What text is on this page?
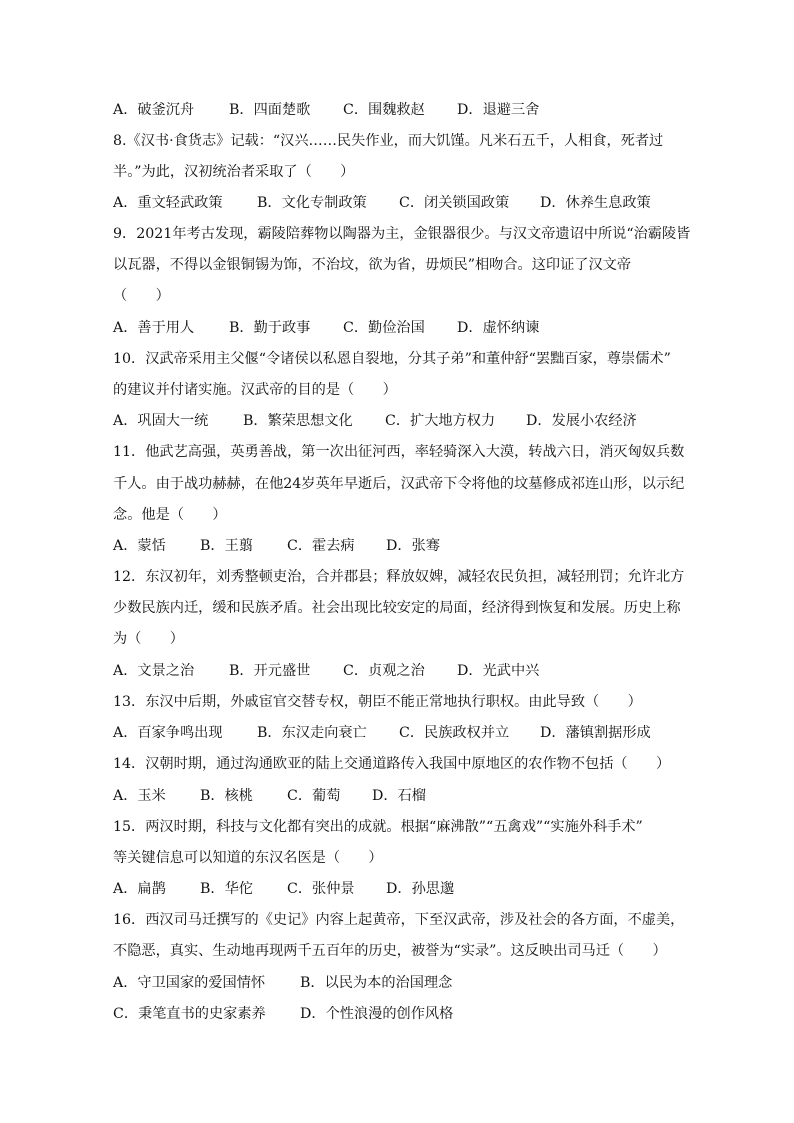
A．破釜沉舟 B．四面楚歌 C．围魏救赵 D．退避三舍
8.《汉书·食货志》记载：“汉兴……民失作业，而大饥馑。凡米石五千，人相食，死者过
半。”为此，汉初统治者采取了（　　）
A．重文轻武政策 B．文化专制政策 C．闭关锁国政策 D．休养生息政策
9．2021年考古发现，霸陵陪葬物以陶器为主，金银器很少。与汉文帝遗诏中所说“治霸陵皆
以瓦器，不得以金银铜锡为饰，不治坟，欲为省，毋烦民”相吻合。这印证了汉文帝
（　　）
A．善于用人 B．勤于政事 C．勤俭治国 D．虚怀纳谏
10．汉武帝采用主父偃“令诸侯以私恩自裂地，分其子弟”和董仲舒“罢黜百家，尊崇儒术”
的建议并付诸实施。汉武帝的目的是（　　）
A．巩固大一统 B．繁荣思想文化 C．扩大地方权力 D．发展小农经济
11．他武艺高强，英勇善战，第一次出征河西，率轻骑深入大漠，转战六日，消灭匈奴兵数
千人。由于战功赫赫，在他24岁英年早逝后，汉武帝下令将他的坟墓修成祁连山形，以示纪
念。他是（　　）
A．蒙恬 B．王翦 C．霍去病 D．张骞
12．东汉初年，刘秀整顿吏治，合并郡县；释放奴婢，减轻农民负担，减轻刑罚；允许北方
少数民族内迁，缓和民族矛盾。社会出现比较安定的局面，经济得到恢复和发展。历史上称
为（　　）
A．文景之治 B．开元盛世 C．贞观之治 D．光武中兴
13．东汉中后期，外戚宦官交替专权，朝臣不能正常地执行职权。由此导致（　　）
A．百家争鸣出现 B．东汉走向衰亡 C．民族政权并立 D．藩镇割据形成
14．汉朝时期，通过沟通欧亚的陆上交通道路传入我国中原地区的农作物不包括（　　）
A．玉米 B．核桃 C．葡萄 D．石榴
15．两汉时期，科技与文化都有突出的成就。根据“麻沸散”“五禽戏”“实施外科手术”
等关键信息可以知道的东汉名医是（　　）
A．扁鹊 B．华佗 C．张仲景 D．孙思邈
16．西汉司马迁撰写的《史记》内容上起黄帝，下至汉武帝，涉及社会的各方面，不虚美，
不隐恶，真实、生动地再现两千五百年的历史，被誉为“实录”。这反映出司马迁（　　）
A．守卫国家的爱国情怀 B．以民为本的治国理念
C．秉笔直书的史家素养 D．个性浪漫的创作风格
